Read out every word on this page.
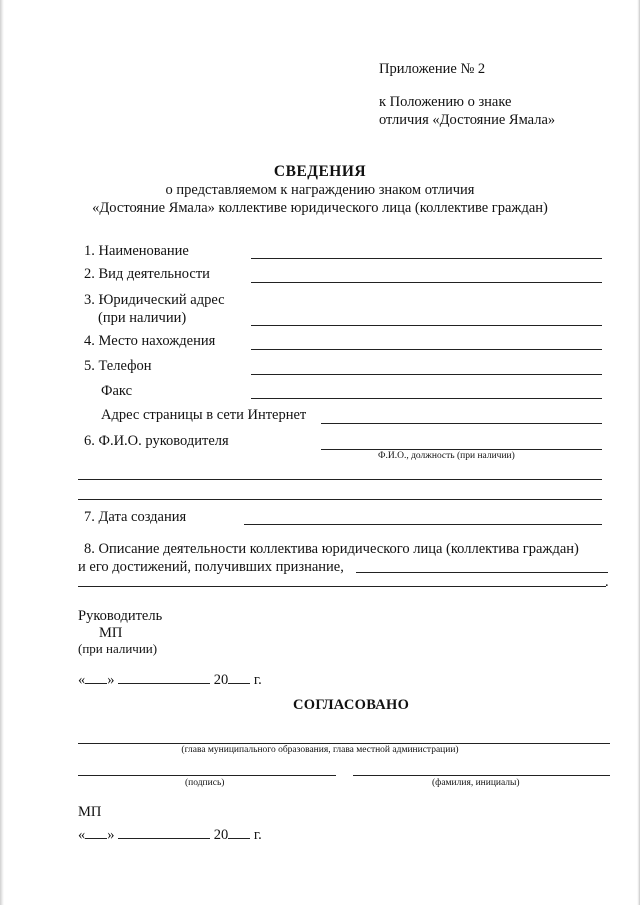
Приложение № 2
к Положению о знаке
отличия «Достояние Ямала»
СВЕДЕНИЯ
о представляемом к награждению знаком отличия
«Достояние Ямала» коллективе юридического лица (коллективе граждан)
1. Наименование
2. Вид деятельности
3. Юридический адрес
(при наличии)
4. Место нахождения
5. Телефон
Факс
Адрес страницы в сети Интернет
6. Ф.И.О. руководителя
Ф.И.О., должность (при наличии)
7. Дата создания
8. Описание деятельности коллектива юридического лица (коллектива граждан)
и его достижений, получивших признание,
.
Руководитель
МП
(при наличии)
« »	20 г.
СОГЛАСОВАНО
(глава муниципального образования, глава местной администрации)
(подпись)	(фамилия, инициалы)
МП
« »	20 г.
